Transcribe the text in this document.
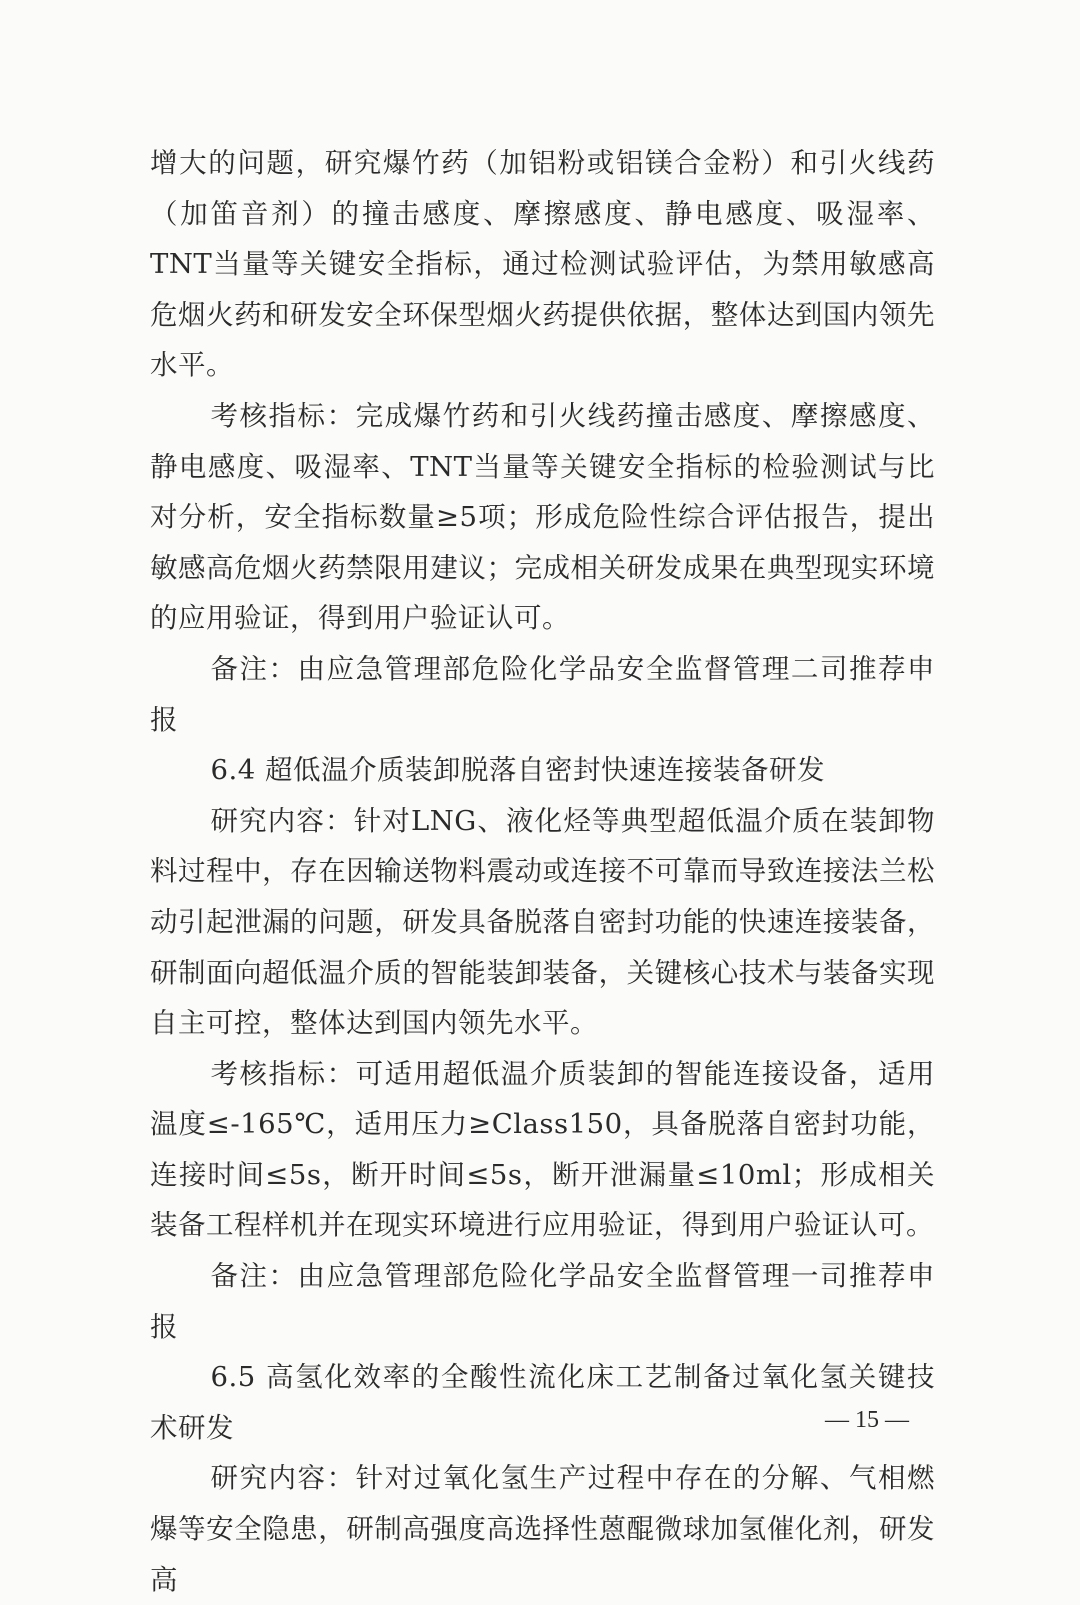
增大的问题，研究爆竹药（加铝粉或铝镁合金粉）和引火线药（加笛音剂）的撞击感度、摩擦感度、静电感度、吸湿率、TNT当量等关键安全指标，通过检测试验评估，为禁用敏感高危烟火药和研发安全环保型烟火药提供依据，整体达到国内领先水平。

考核指标：完成爆竹药和引火线药撞击感度、摩擦感度、静电感度、吸湿率、TNT当量等关键安全指标的检验测试与比对分析，安全指标数量≥5项；形成危险性综合评估报告，提出敏感高危烟火药禁限用建议；完成相关研发成果在典型现实环境的应用验证，得到用户验证认可。

备注：由应急管理部危险化学品安全监督管理二司推荐申报

6.4 超低温介质装卸脱落自密封快速连接装备研发

研究内容：针对LNG、液化烃等典型超低温介质在装卸物料过程中，存在因输送物料震动或连接不可靠而导致连接法兰松动引起泄漏的问题，研发具备脱落自密封功能的快速连接装备，研制面向超低温介质的智能装卸装备，关键核心技术与装备实现自主可控，整体达到国内领先水平。

考核指标：可适用超低温介质装卸的智能连接设备，适用温度≤-165℃，适用压力≥Class150，具备脱落自密封功能，连接时间≤5s，断开时间≤5s，断开泄漏量≤10ml；形成相关装备工程样机并在现实环境进行应用验证，得到用户验证认可。

备注：由应急管理部危险化学品安全监督管理一司推荐申报

6.5 高氢化效率的全酸性流化床工艺制备过氧化氢关键技术研发

研究内容：针对过氧化氢生产过程中存在的分解、气相燃爆等安全隐患，研制高强度高选择性蒽醌微球加氢催化剂，研发高

— 15 —
